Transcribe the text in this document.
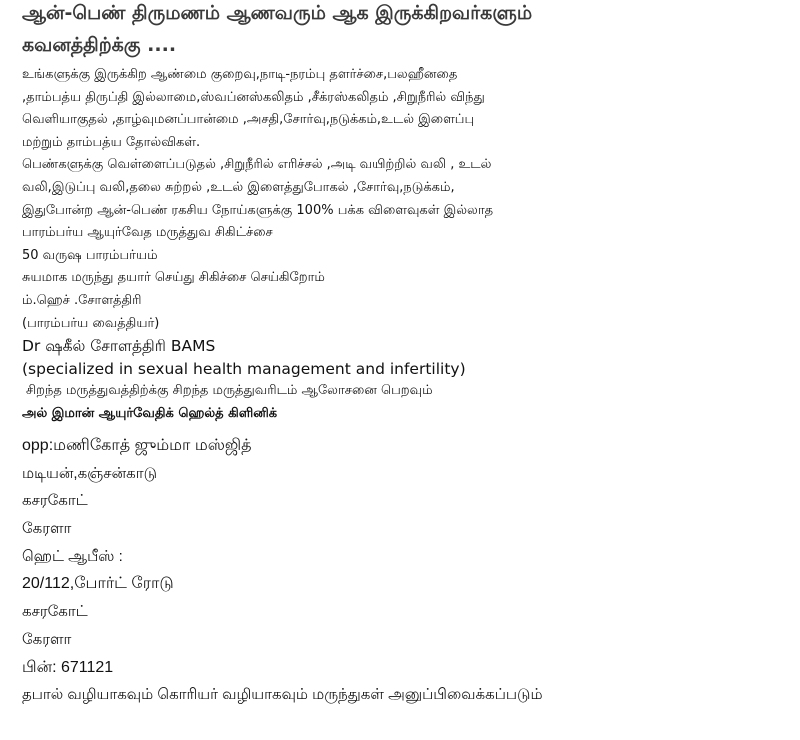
ஆன்-பெண் திருமணம் ஆணவரும் ஆக இருக்கிறவர்களும்
கவனத்திற்க்கு ....
உங்களுக்கு இருக்கிற ஆண்மை குறைவு,நாடி-நரம்பு தளர்ச்சை,பலஹீனதை
,தாம்பத்ய திருப்தி இல்லாமை,ஸ்வப்னஸ்கலிதம் ,சீக்ரஸ்கலிதம் ,சிறுநீரில் விந்து
வெளியாகுதல் ,தாழ்வுமனப்பான்மை ,அசதி,சோர்வு,நடுக்கம்,உடல் இளைப்பு
மற்றும் தாம்பத்ய தோல்விகள்.
பெண்களுக்கு வெள்ளைப்படுதல் ,சிறுநீரில் எரிச்சல் ,அடி வயிற்றில் வலி , உடல்
வலி,இடுப்பு வலி,தலை சுற்றல் ,உடல் இளைத்துபோகல் ,சோர்வு,நடுக்கம்,
இதுபோன்ற ஆன்-பெண் ரகசிய நோய்களுக்கு 100% பக்க விளைவுகள் இல்லாத
பாரம்பர்ய ஆயுர்வேத மருத்துவ சிகிட்ச்சை
50 வருஷ பாரம்பர்யம்
சுயமாக மருந்து தயார் செய்து சிகிச்சை செய்கிறோம்
ம்.ஹெச் .சோளத்திரி
(பாரம்பர்ய வைத்தியர்)
Dr ஷகீல் சோளத்திரி BAMS
(specialized in sexual health management and infertility)
சிறந்த மருத்துவத்திற்க்கு சிறந்த மருத்துவரிடம் ஆலோசனை பெறவும்
அல் இமான் ஆயுர்வேதிக் ஹெல்த் கிளினிக்
opp:மணிகோத் ஜும்மா மஸ்ஜித்
மடியன்,கஞ்சன்காடு
கசரகோட்
கேரளா
ஹெட் ஆபீஸ் :
20/112,போர்ட் ரோடு
கசரகோட்
கேரளா
பின்: 671121
தபால் வழியாகவும் கொரியர் வழியாகவும் மருந்துகள் அனுப்பிவைக்கப்படும்
